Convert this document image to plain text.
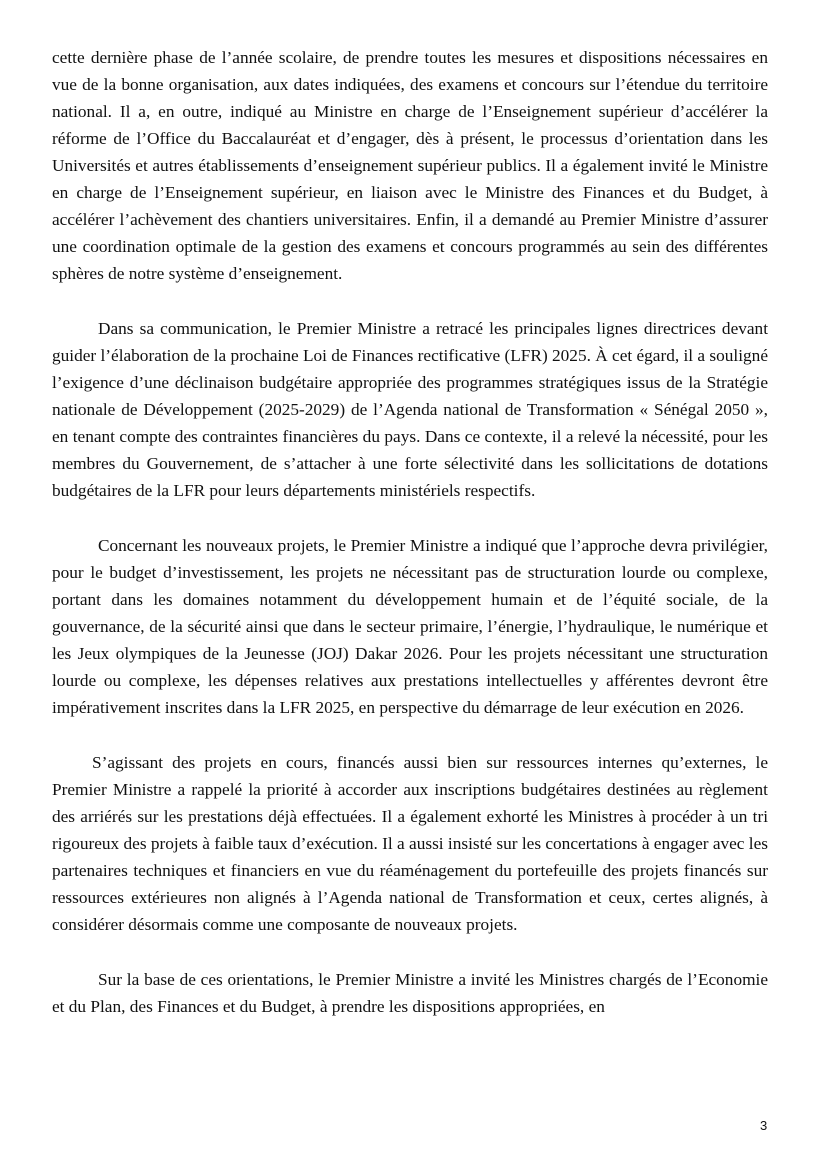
cette dernière phase de l’année scolaire, de prendre toutes les mesures et dispositions nécessaires en vue de la bonne organisation, aux dates indiquées, des examens et concours sur l’étendue du territoire national. Il a, en outre, indiqué au Ministre en charge de l’Enseignement supérieur d’accélérer la réforme de l’Office du Baccalauréat et d’engager, dès à présent, le processus d’orientation dans les Universités et autres établissements d’enseignement supérieur publics. Il a également invité le Ministre en charge de l’Enseignement supérieur, en liaison avec le Ministre des Finances et du Budget, à accélérer l’achèvement des chantiers universitaires. Enfin, il a demandé au Premier Ministre d’assurer une coordination optimale de la gestion des examens et concours programmés au sein des différentes sphères de notre système d’enseignement.

Dans sa communication, le Premier Ministre a retracé les principales lignes directrices devant guider l’élaboration de la prochaine Loi de Finances rectificative (LFR) 2025. À cet égard, il a souligné l’exigence d’une déclinaison budgétaire appropriée des programmes stratégiques issus de la Stratégie nationale de Développement (2025-2029) de l’Agenda national de Transformation « Sénégal 2050 », en tenant compte des contraintes financières du pays. Dans ce contexte, il a relevé la nécessité, pour les membres du Gouvernement, de s’attacher à une forte sélectivité dans les sollicitations de dotations budgétaires de la LFR pour leurs départements ministériels respectifs.

Concernant les nouveaux projets, le Premier Ministre a indiqué que l’approche devra privilégier, pour le budget d’investissement, les projets ne nécessitant pas de structuration lourde ou complexe, portant dans les domaines notamment du développement humain et de l’équité sociale, de la gouvernance, de la sécurité ainsi que dans le secteur primaire, l’énergie, l’hydraulique, le numérique et les Jeux olympiques de la Jeunesse (JOJ) Dakar 2026. Pour les projets nécessitant une structuration lourde ou complexe, les dépenses relatives aux prestations intellectuelles y afférentes devront être impérativement inscrites dans la LFR 2025, en perspective du démarrage de leur exécution en 2026.

S’agissant des projets en cours, financés aussi bien sur ressources internes qu’externes, le Premier Ministre a rappelé la priorité à accorder aux inscriptions budgétaires destinées au règlement des arriérés sur les prestations déjà effectuées. Il a également exhorté les Ministres à procéder à un tri rigoureux des projets à faible taux d’exécution. Il a aussi insisté sur les concertations à engager avec les partenaires techniques et financiers en vue du réaménagement du portefeuille des projets financés sur ressources extérieures non alignés à l’Agenda national de Transformation et ceux, certes alignés, à considérer désormais comme une composante de nouveaux projets.

Sur la base de ces orientations, le Premier Ministre a invité les Ministres chargés de l’Economie et du Plan, des Finances et du Budget, à prendre les dispositions appropriées, en

3
